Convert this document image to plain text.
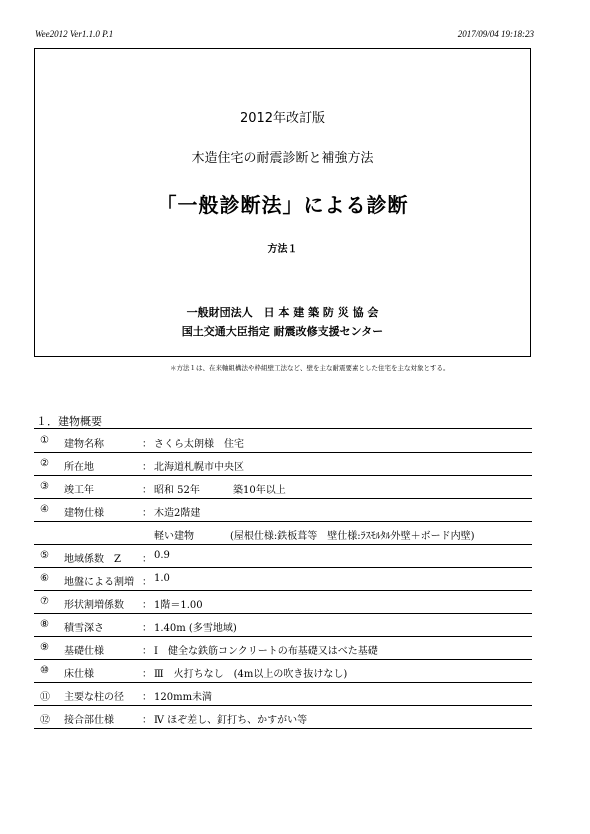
Wee2012 Ver1.1.0 P.1	2017/09/04 19:18:23
2012年改訂版
木造住宅の耐震診断と補強方法
「一般診断法」による診断
方法１
一般財団法人　日 本 建 築 防 災 協 会
国土交通大臣指定 耐震改修支援センター
＊方法１は、在来軸組構法や枠組壁工法など、壁を主な耐震要素とした住宅を主な対象とする。
１．建物概要
① 建物名称	： さくら太朗様　住宅
② 所在地	： 北海道札幌市中央区
③ 竣工年	： 昭和 52年	築10年以上
④ 建物仕様	： 木造2階建
軽い建物	(屋根仕様:鉄板葺等　壁仕様:ﾗｽﾓﾙﾀﾙ外壁＋ボード内壁)
⑤ 地域係数　Z ： 0.9
⑥ 地盤による割増 ： 1.0
⑦ 形状割増係数 ： 1階＝1.00
⑧ 積雪深さ	： 1.40m (多雪地域)
⑨ 基礎仕様	： Ⅰ　健全な鉄筋コンクリートの布基礎又はべた基礎
⑩ 床仕様	： Ⅲ　火打ちなし　(4m以上の吹き抜けなし)
⑪ 主要な柱の径 ： 120mm未満
⑫ 接合部仕様	： Ⅳ ほぞ差し、釘打ち、かすがい等
